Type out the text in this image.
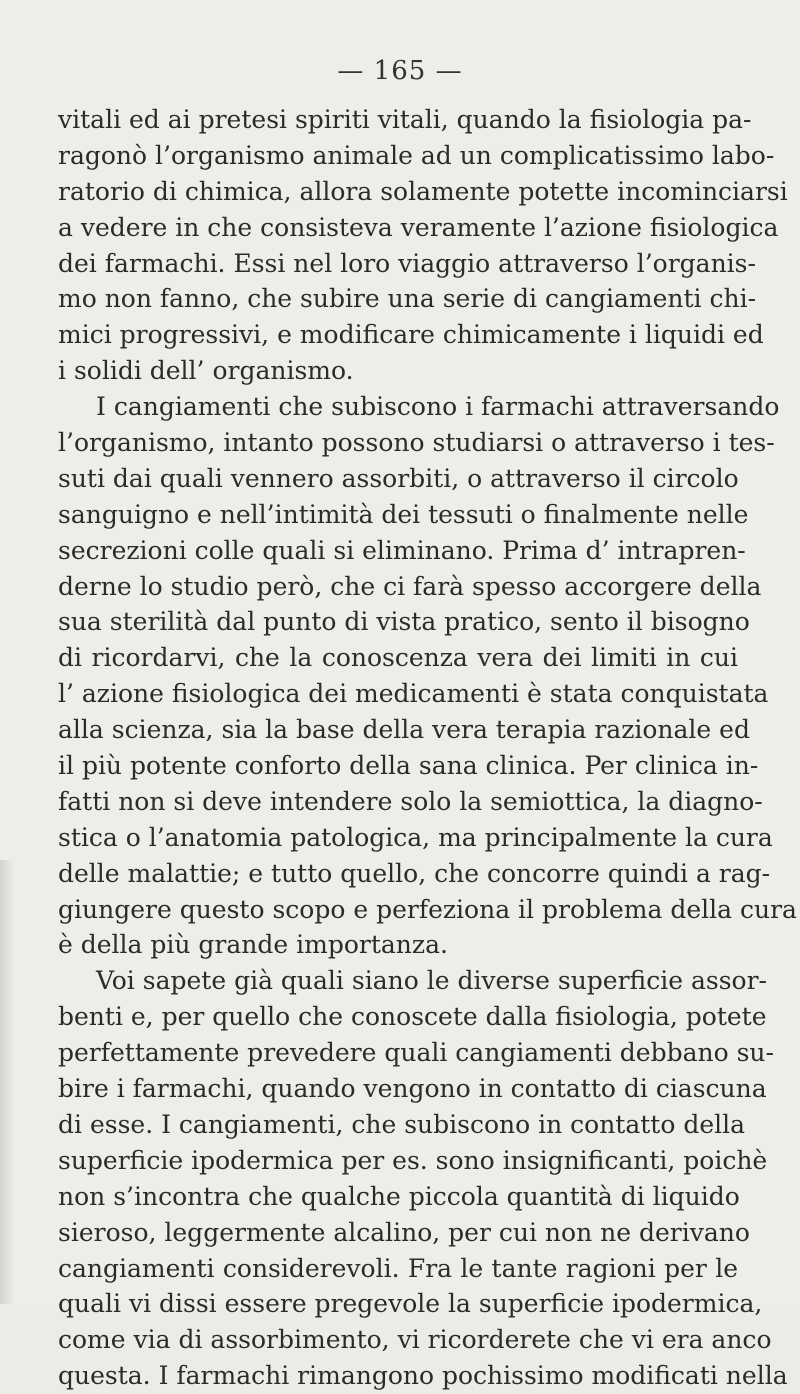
— 165 —
vitali ed ai pretesi spiriti vitali, quando la fisiologia pa-
ragonò l’organismo animale ad un complicatissimo labo-
ratorio di chimica, allora solamente potette incominciarsi
a vedere in che consisteva veramente l’azione fisiologica
dei farmachi. Essi nel loro viaggio attraverso l’organis-
mo non fanno, che subire una serie di cangiamenti chi-
mici progressivi, e modificare chimicamente i liquidi ed
i solidi dell’ organismo.
I cangiamenti che subiscono i farmachi attraversando
l’organismo, intanto possono studiarsi o attraverso i tes-
suti dai quali vennero assorbiti, o attraverso il circolo
sanguigno e nell’intimità dei tessuti o finalmente nelle
secrezioni colle quali si eliminano. Prima d’ intrapren-
derne lo studio però, che ci farà spesso accorgere della
sua sterilità dal punto di vista pratico, sento il bisogno
di ricordarvi, che la conoscenza vera dei limiti in cui
l’ azione fisiologica dei medicamenti è stata conquistata
alla scienza, sia la base della vera terapia razionale ed
il più potente conforto della sana clinica. Per clinica in-
fatti non si deve intendere solo la semiottica, la diagno-
stica o l’anatomia patologica, ma principalmente la cura
delle malattie; e tutto quello, che concorre quindi a rag-
giungere questo scopo e perfeziona il problema della cura
è della più grande importanza.
Voi sapete già quali siano le diverse superficie assor-
benti e, per quello che conoscete dalla fisiologia, potete
perfettamente prevedere quali cangiamenti debbano su-
bire i farmachi, quando vengono in contatto di ciascuna
di esse. I cangiamenti, che subiscono in contatto della
superficie ipodermica per es. sono insignificanti, poichè
non s’incontra che qualche piccola quantità di liquido
sieroso, leggermente alcalino, per cui non ne derivano
cangiamenti considerevoli. Fra le tante ragioni per le
quali vi dissi essere pregevole la superficie ipodermica,
come via di assorbimento, vi ricorderete che vi era anco
questa. I farmachi rimangono pochissimo modificati nella
